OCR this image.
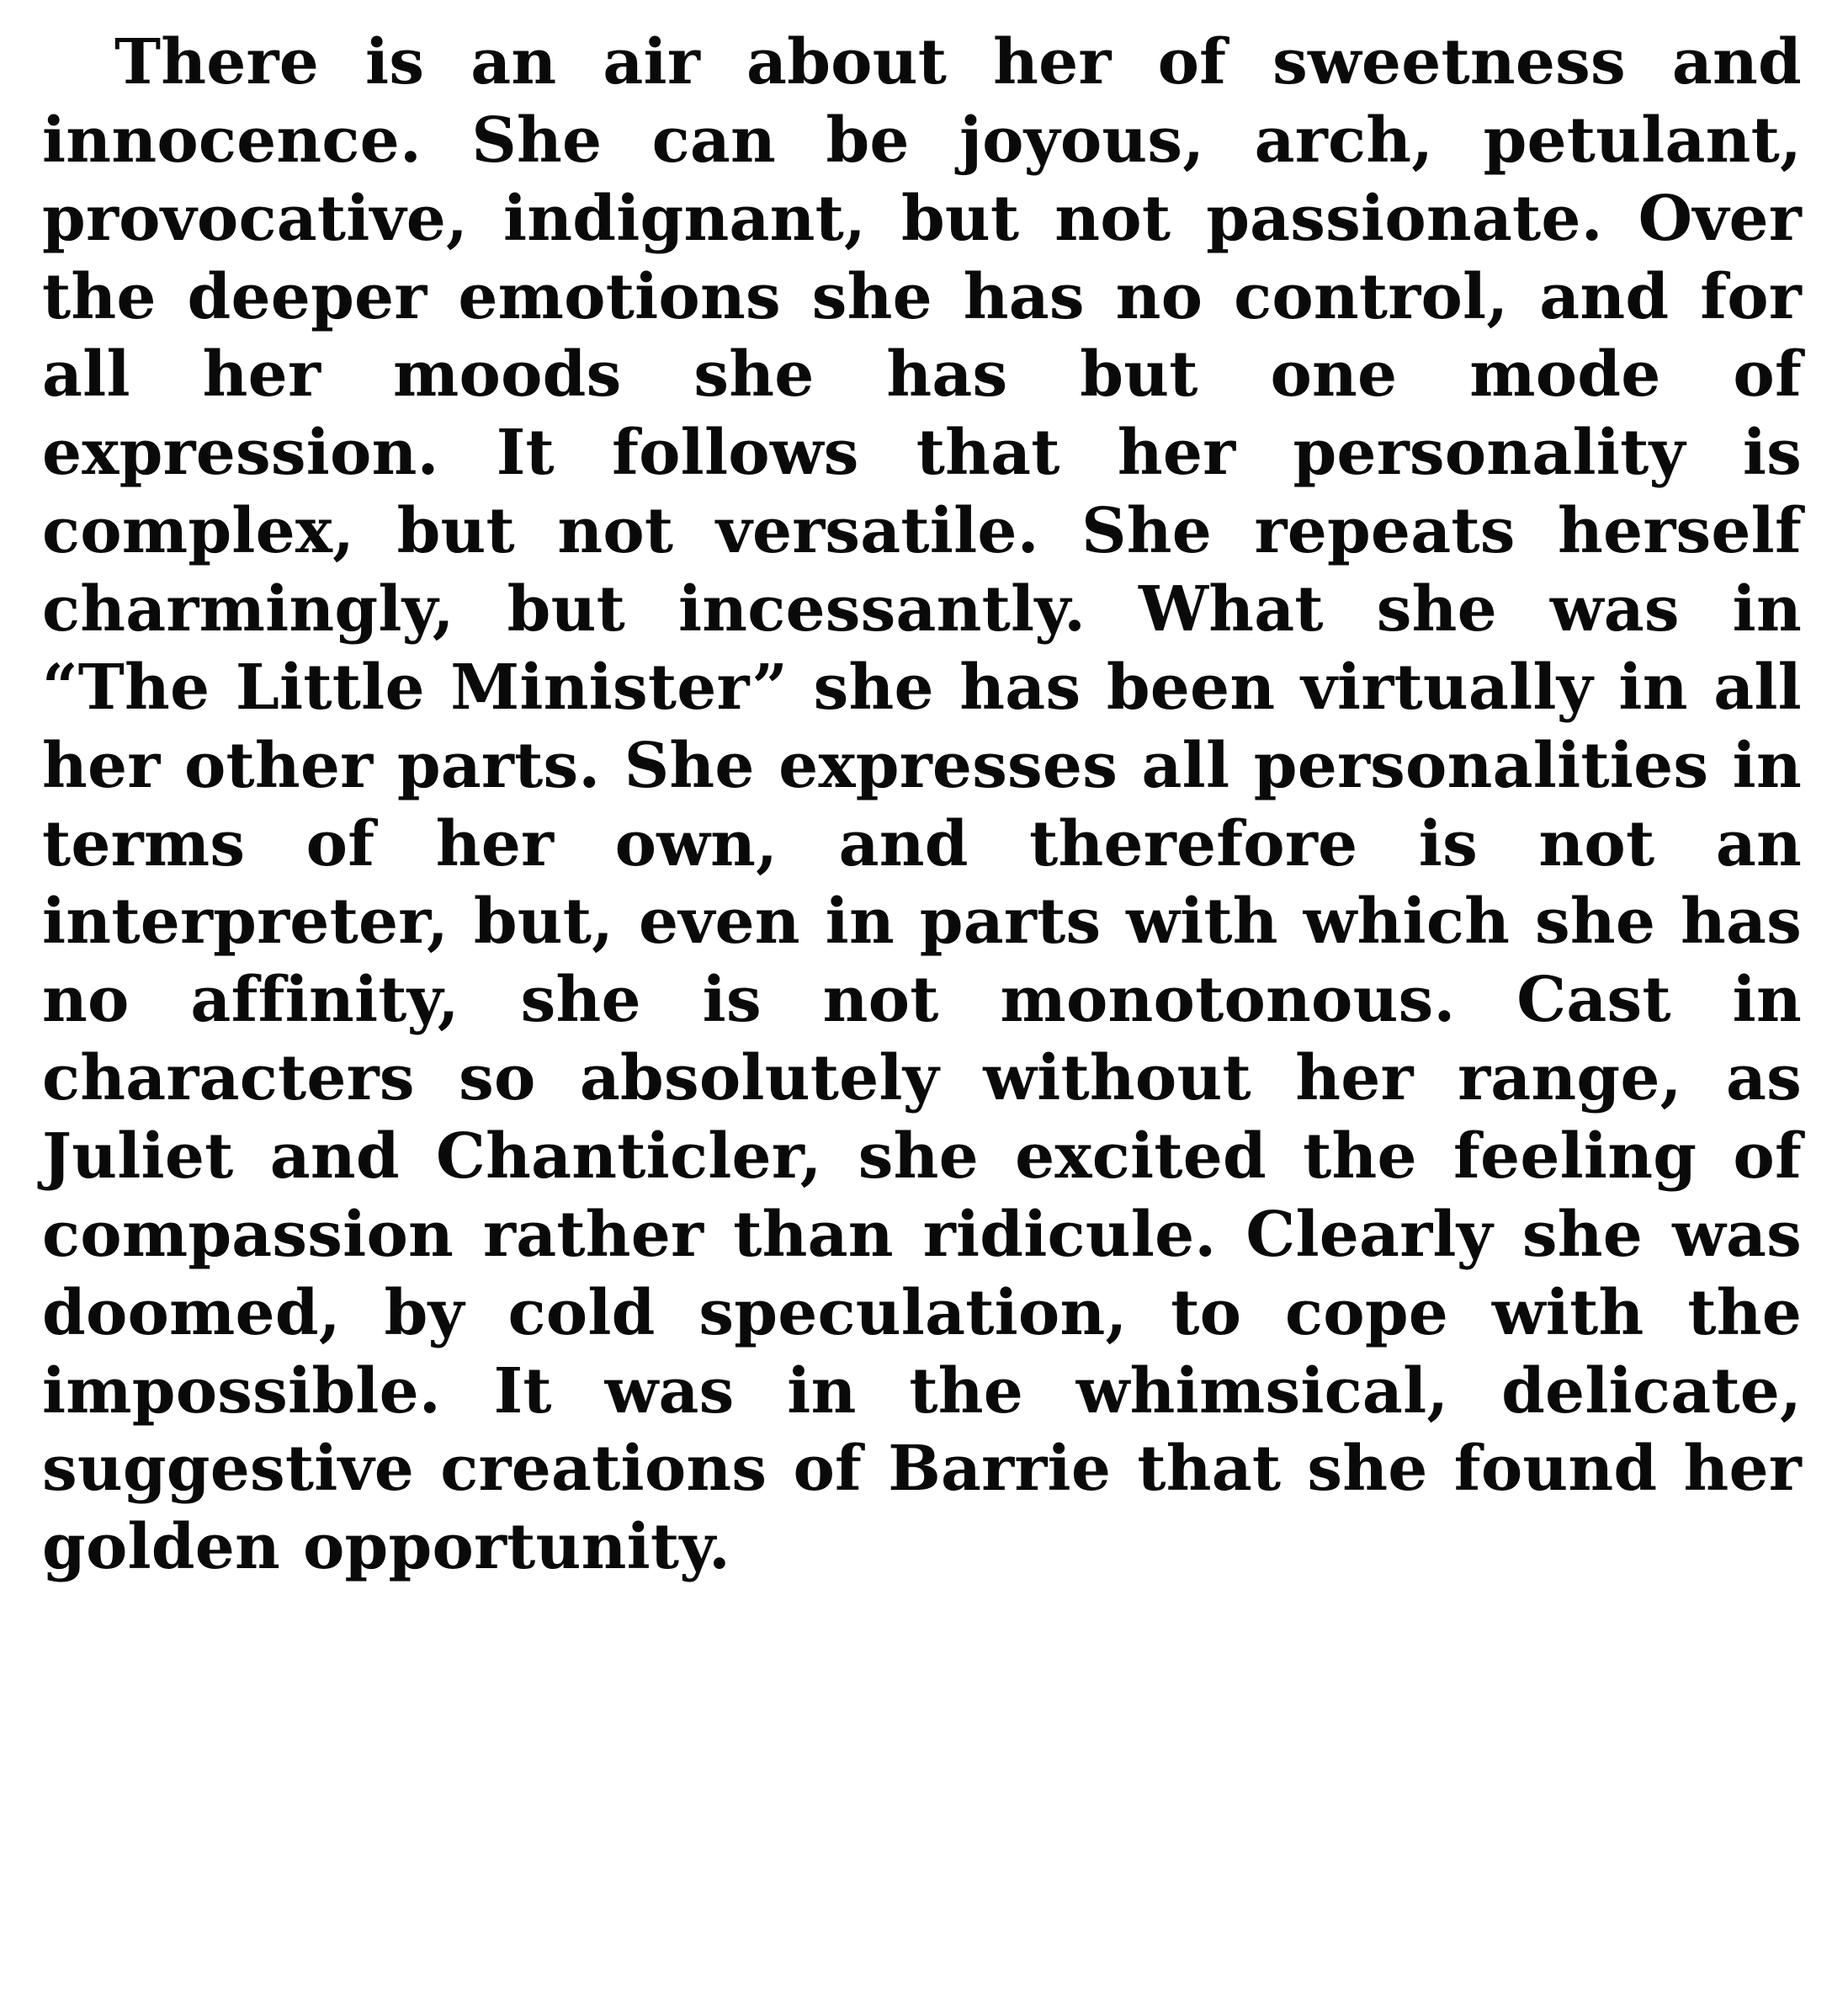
There is an air about her of sweetness and innocence. She can be joyous, arch, petulant, provocative, indignant, but not passionate. Over the deeper emotions she has no control, and for all her moods she has but one mode of expression. It follows that her personality is complex, but not versatile. She repeats herself charmingly, but incessantly. What she was in “The Little Minister” she has been virtually in all her other parts. She expresses all personalities in terms of her own, and therefore is not an interpreter, but, even in parts with which she has no affinity, she is not monotonous. Cast in characters so absolutely without her range, as Juliet and Chanticler, she excited the feeling of compassion rather than ridicule. Clearly she was doomed, by cold speculation, to cope with the impossible. It was in the whimsical, delicate, suggestive creations of Barrie that she found her golden opportunity.
